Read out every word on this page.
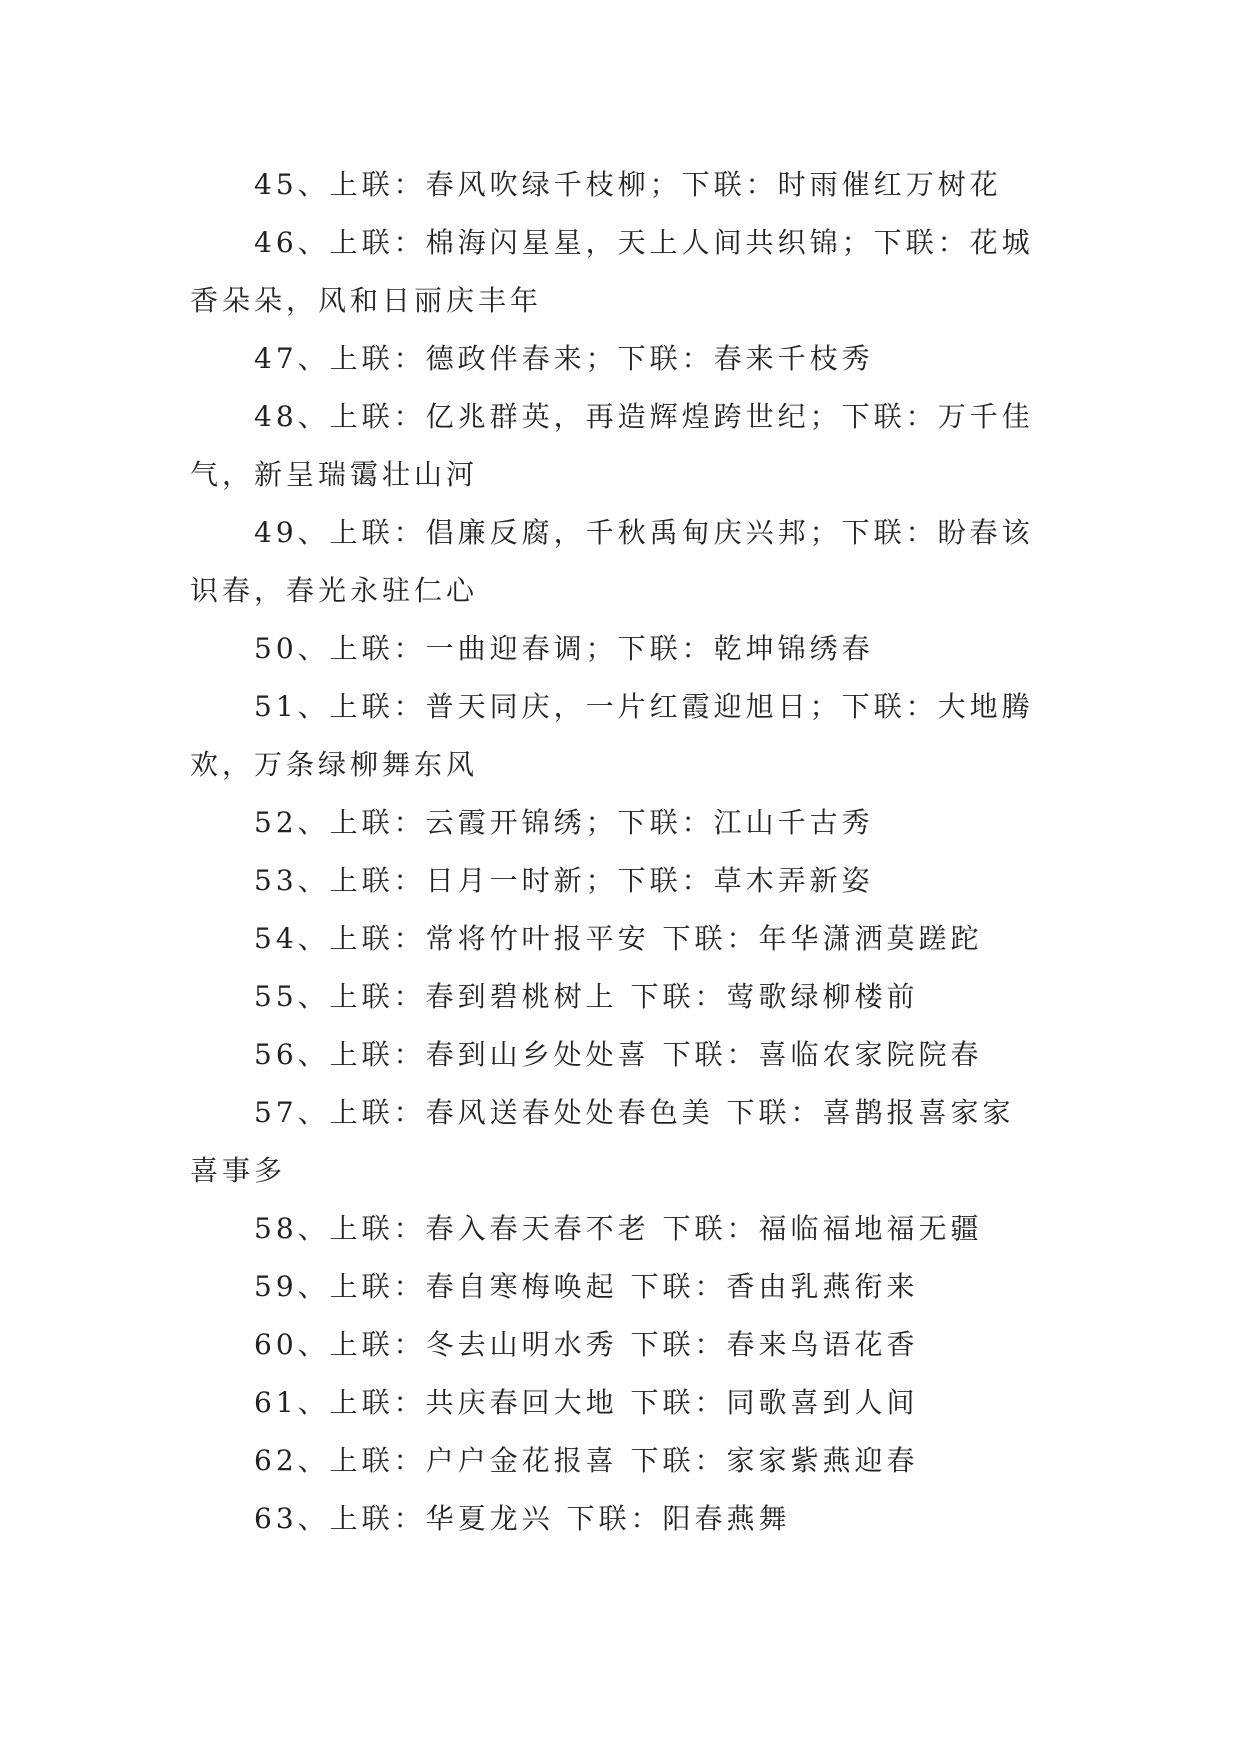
45、上联：春风吹绿千枝柳；下联：时雨催红万树花

46、上联：棉海闪星星，天上人间共织锦；下联：花城香朵朵，风和日丽庆丰年

47、上联：德政伴春来；下联：春来千枝秀

48、上联：亿兆群英，再造辉煌跨世纪；下联：万千佳气，新呈瑞霭壮山河

49、上联：倡廉反腐，千秋禹甸庆兴邦；下联：盼春该识春，春光永驻仁心

50、上联：一曲迎春调；下联：乾坤锦绣春

51、上联：普天同庆，一片红霞迎旭日；下联：大地腾欢，万条绿柳舞东风

52、上联：云霞开锦绣；下联：江山千古秀

53、上联：日月一时新；下联：草木弄新姿

54、上联：常将竹叶报平安 下联：年华潇洒莫蹉跎

55、上联：春到碧桃树上 下联：莺歌绿柳楼前

56、上联：春到山乡处处喜 下联：喜临农家院院春

57、上联：春风送春处处春色美 下联：喜鹊报喜家家喜事多

58、上联：春入春天春不老 下联：福临福地福无疆

59、上联：春自寒梅唤起 下联：香由乳燕衔来

60、上联：冬去山明水秀 下联：春来鸟语花香

61、上联：共庆春回大地 下联：同歌喜到人间

62、上联：户户金花报喜 下联：家家紫燕迎春

63、上联：华夏龙兴 下联：阳春燕舞
